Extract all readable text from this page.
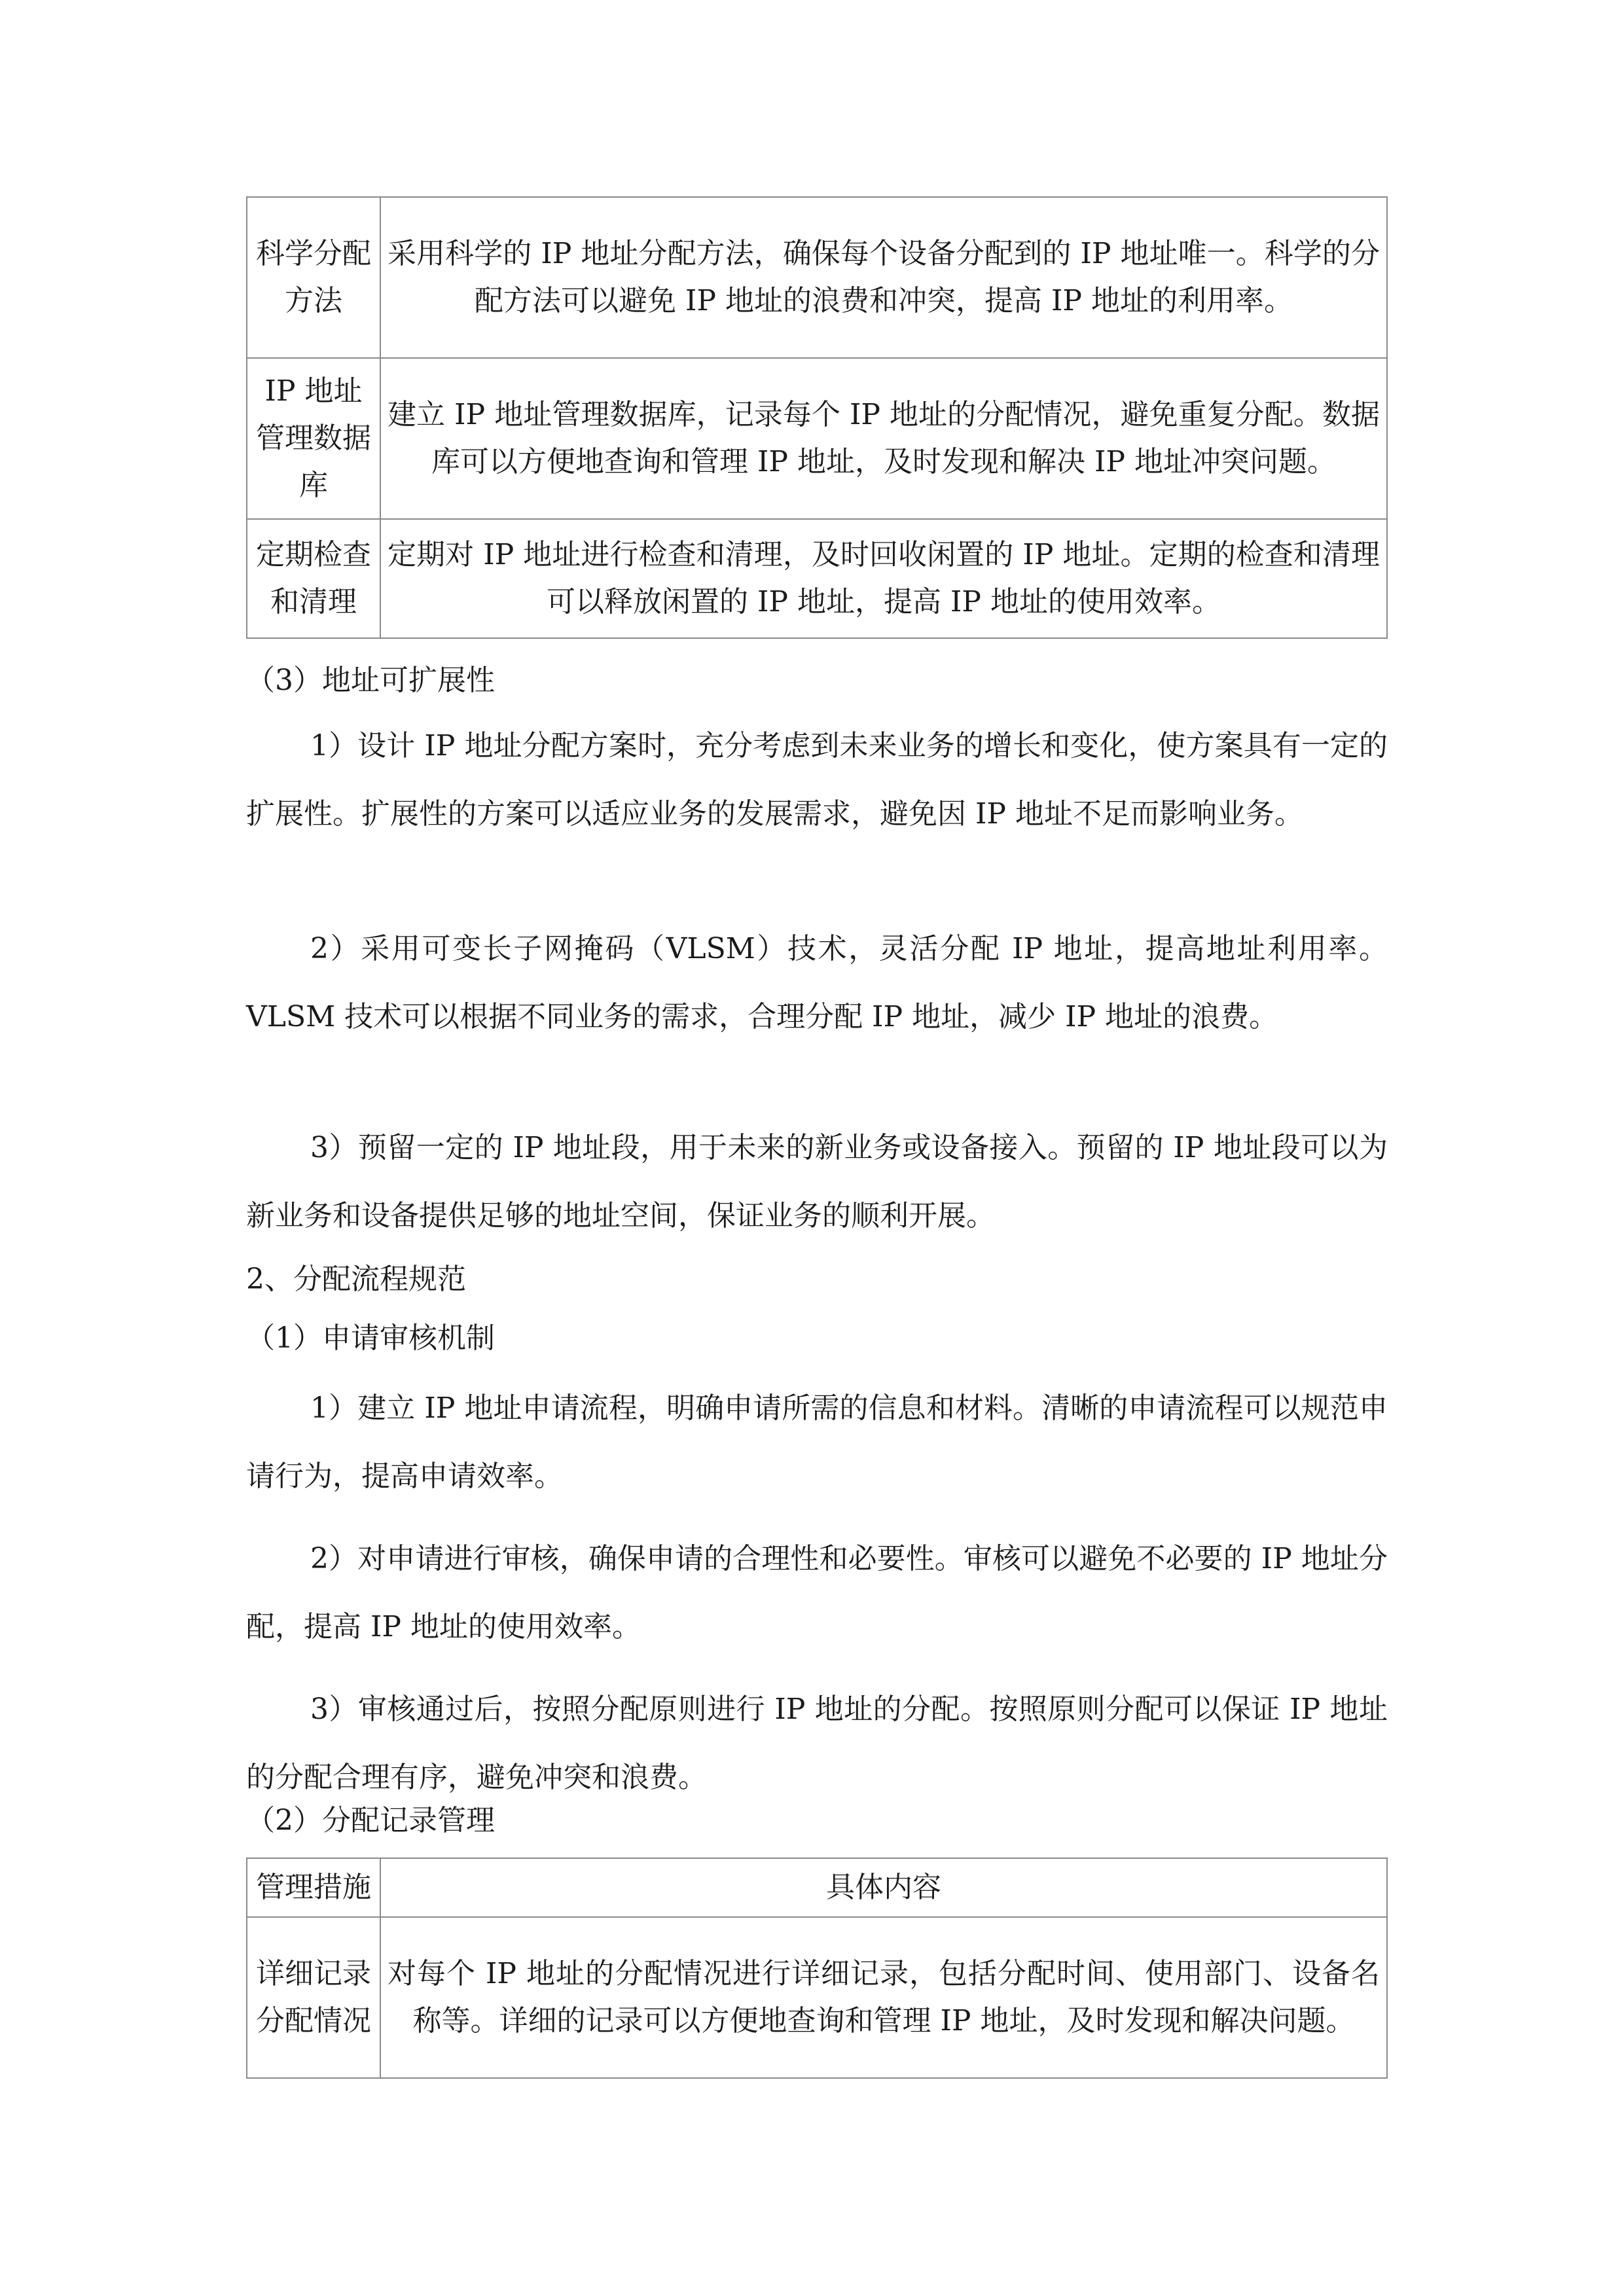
科学分配方法	采用科学的 IP 地址分配方法，确保每个设备分配到的 IP 地址唯一。科学的分配方法可以避免 IP 地址的浪费和冲突，提高 IP 地址的利用率。

IP 地址管理数据库	建立 IP 地址管理数据库，记录每个 IP 地址的分配情况，避免重复分配。数据库可以方便地查询和管理 IP 地址，及时发现和解决 IP 地址冲突问题。

定期检查和清理	定期对 IP 地址进行检查和清理，及时回收闲置的 IP 地址。定期的检查和清理可以释放闲置的 IP 地址，提高 IP 地址的使用效率。
（3）地址可扩展性

1）设计 IP 地址分配方案时，充分考虑到未来业务的增长和变化，使方案具有一定的扩展性。扩展性的方案可以适应业务的发展需求，避免因 IP 地址不足而影响业务。

2）采用可变长子网掩码（VLSM）技术，灵活分配 IP 地址，提高地址利用率。VLSM 技术可以根据不同业务的需求，合理分配 IP 地址，减少 IP 地址的浪费。

3）预留一定的 IP 地址段，用于未来的新业务或设备接入。预留的 IP 地址段可以为新业务和设备提供足够的地址空间，保证业务的顺利开展。

2、分配流程规范
（1）申请审核机制

1）建立 IP 地址申请流程，明确申请所需的信息和材料。清晰的申请流程可以规范申请行为，提高申请效率。

2）对申请进行审核，确保申请的合理性和必要性。审核可以避免不必要的 IP 地址分配，提高 IP 地址的使用效率。

3）审核通过后，按照分配原则进行 IP 地址的分配。按照原则分配可以保证 IP 地址的分配合理有序，避免冲突和浪费。

（2）分配记录管理
管理措施	具体内容
详细记录分配情况	对每个 IP 地址的分配情况进行详细记录，包括分配时间、使用部门、设备名称等。详细的记录可以方便地查询和管理 IP 地址，及时发现和解决问题。
